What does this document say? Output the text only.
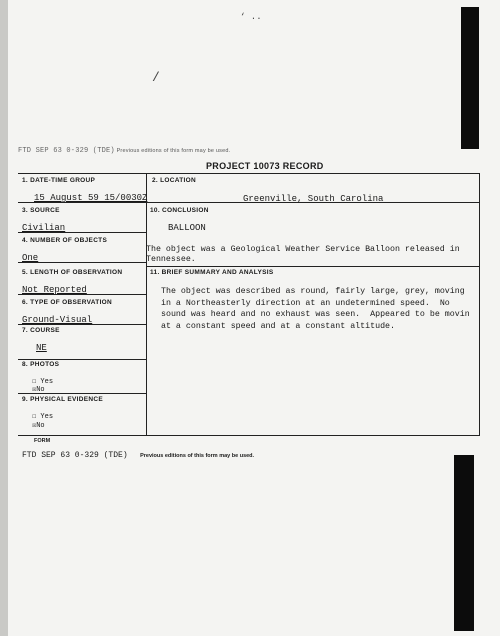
/
‘ ..
FTD SEP 63 0-329 (TDE) Previous editions of this form may be used.
PROJECT 10073 RECORD
1. DATE-TIME GROUP
15 August 59 15/0030Z
2. LOCATION
Greenville, South Carolina
3. SOURCE
Civilian
10. CONCLUSION
BALLOON
4. NUMBER OF OBJECTS
One
The object was a Geological Weather Service Balloon released in
Tennessee.
5. LENGTH OF OBSERVATION
Not Reported
11. BRIEF SUMMARY AND ANALYSIS
The object was described as round, fairly large, grey, moving
in a Northeasterly direction at an undetermined speed.  No
sound was heard and no exhaust was seen.  Appeared to be movin
at a constant speed and at a constant altitude.
6. TYPE OF OBSERVATION
Ground-Visual
7. COURSE
NE
8. PHOTOS
☐ Yes
☒No
9. PHYSICAL EVIDENCE
☐ Yes
☒No
FORM
FTD SEP 63 0-329 (TDE) Previous editions of this form may be used.
